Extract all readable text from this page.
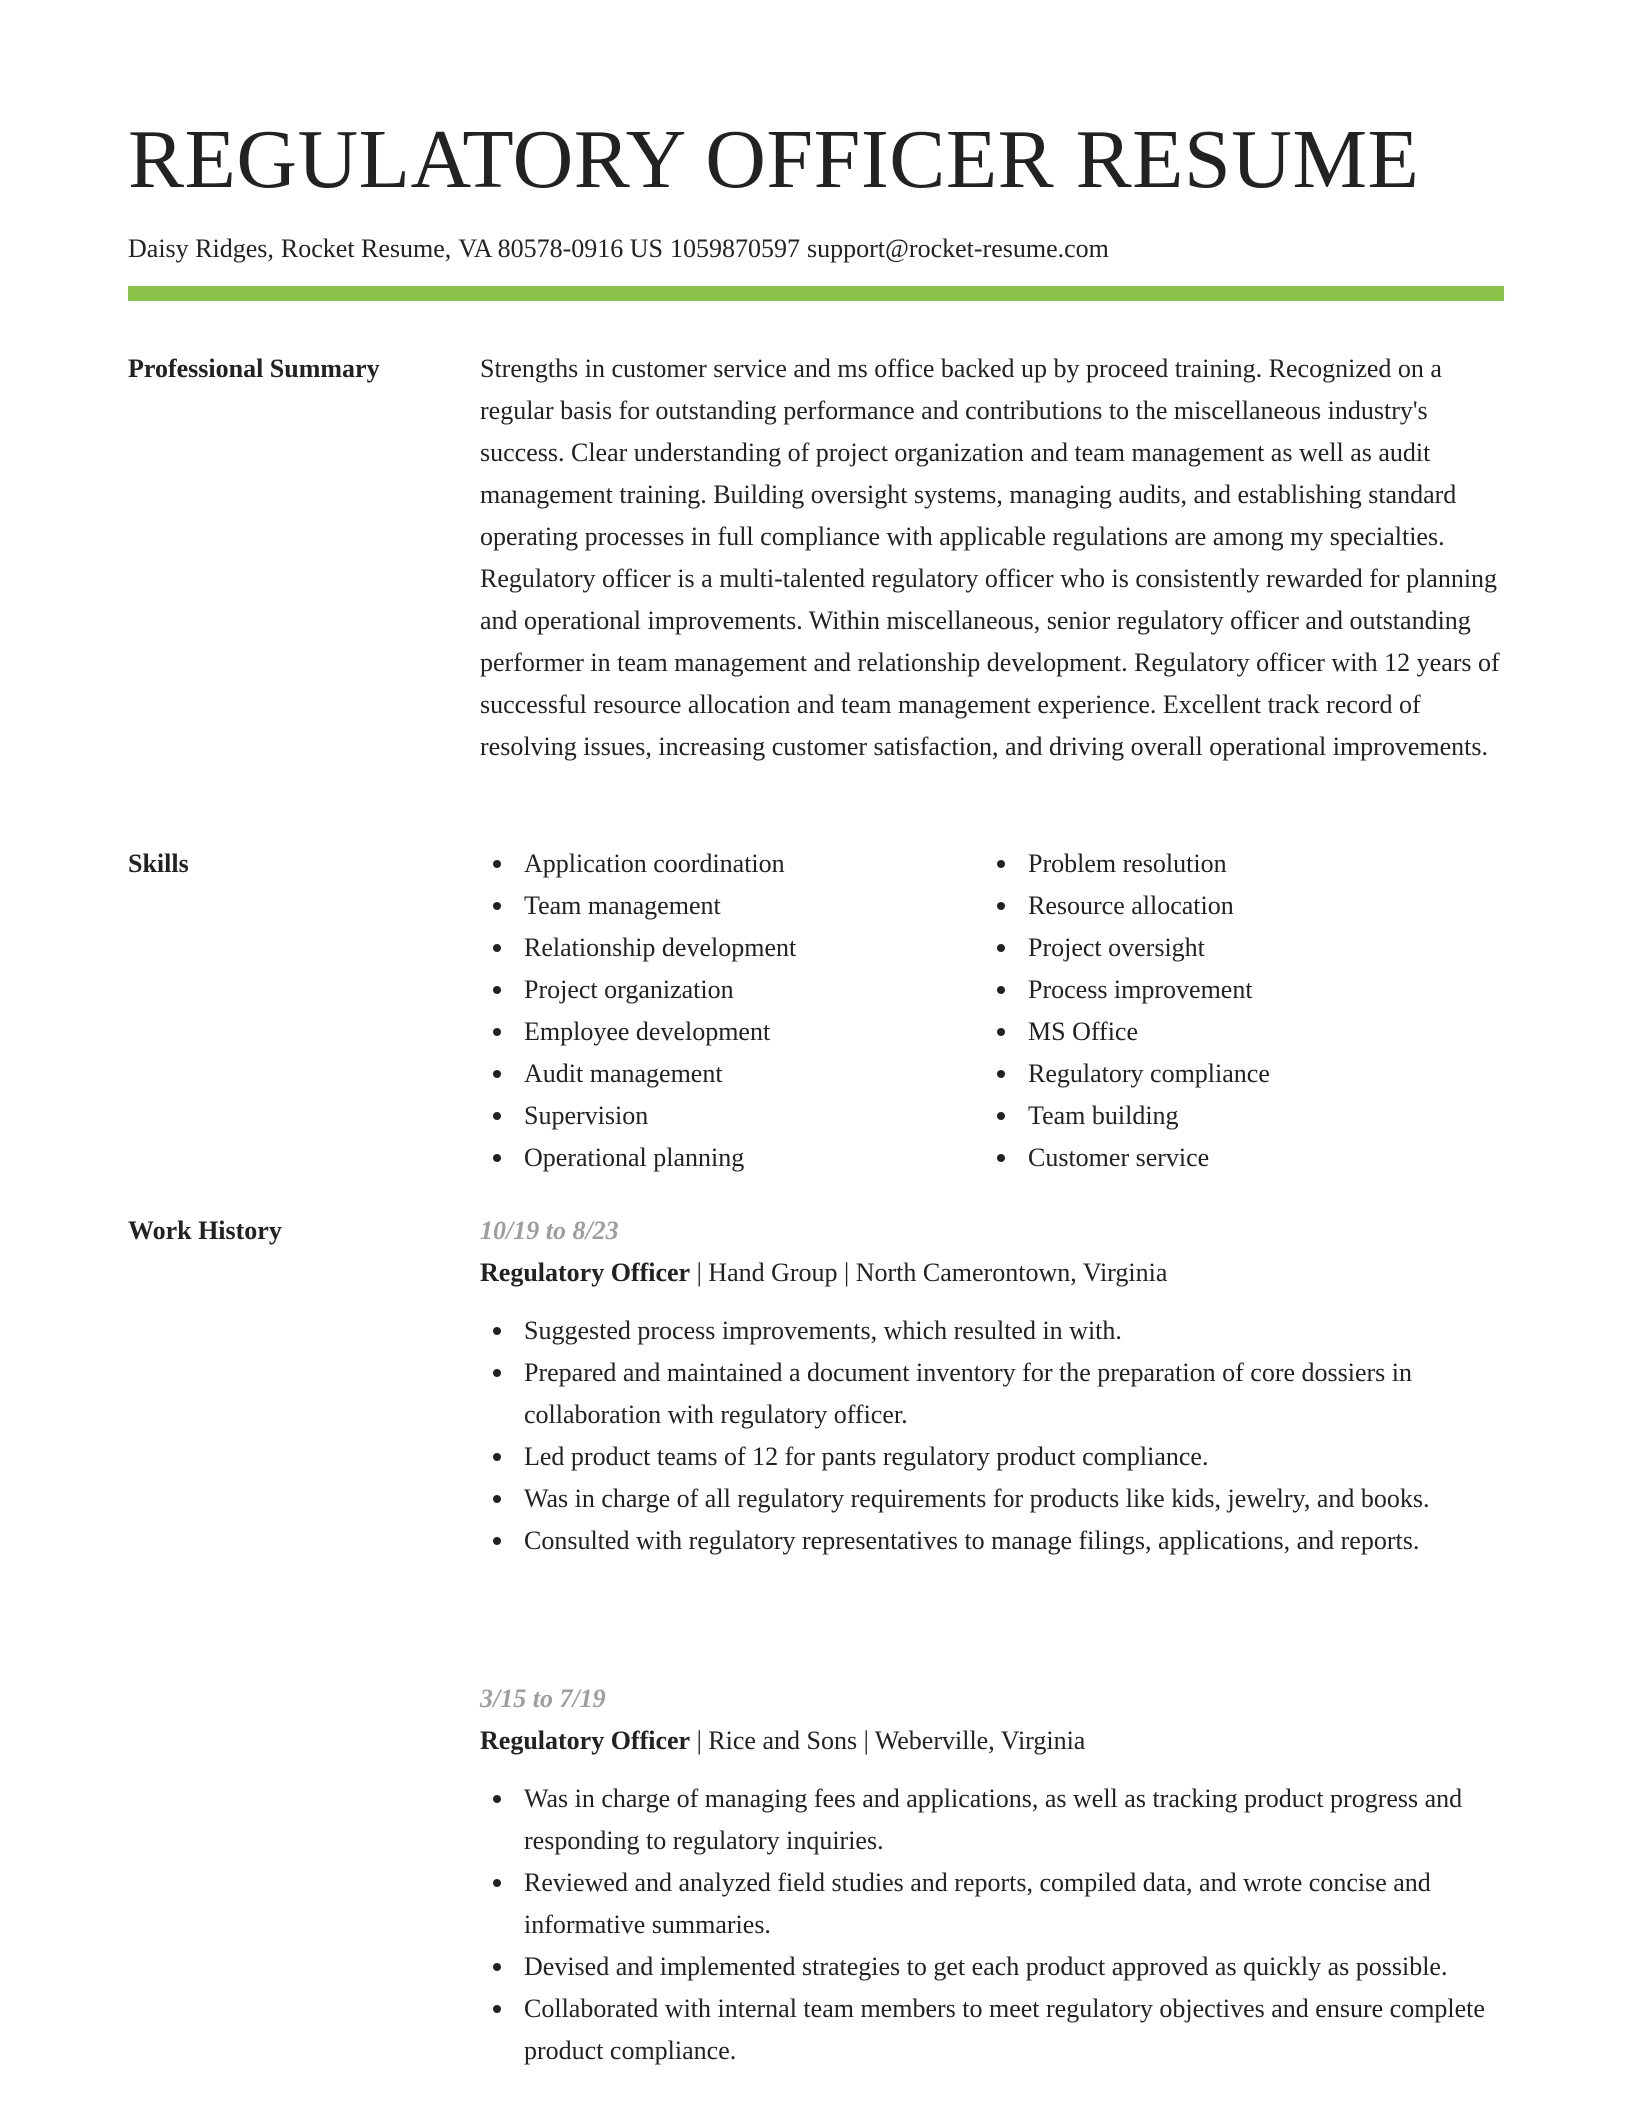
REGULATORY OFFICER RESUME
Daisy Ridges, Rocket Resume, VA 80578-0916 US 1059870597 support@rocket-resume.com
Professional Summary	Strengths in customer service and ms office backed up by proceed training. Recognized on a regular basis for outstanding performance and contributions to the miscellaneous industry's success. Clear understanding of project organization and team management as well as audit management training. Building oversight systems, managing audits, and establishing standard operating processes in full compliance with applicable regulations are among my specialties. Regulatory officer is a multi-talented regulatory officer who is consistently rewarded for planning and operational improvements. Within miscellaneous, senior regulatory officer and outstanding performer in team management and relationship development. Regulatory officer with 12 years of successful resource allocation and team management experience. Excellent track record of resolving issues, increasing customer satisfaction, and driving overall operational improvements.

Skills	Application coordination
Team management
Relationship development
Project organization
Employee development
Audit management
Supervision
Operational planning
Problem resolution
Resource allocation
Project oversight
Process improvement
MS Office
Regulatory compliance
Team building
Customer service
Work History	10/19 to 8/23
Regulatory Officer | Hand Group | North Camerontown, Virginia
Suggested process improvements, which resulted in with.
Prepared and maintained a document inventory for the preparation of core dossiers in collaboration with regulatory officer.
Led product teams of 12 for pants regulatory product compliance.
Was in charge of all regulatory requirements for products like kids, jewelry, and books.
Consulted with regulatory representatives to manage filings, applications, and reports.
3/15 to 7/19
Regulatory Officer | Rice and Sons | Weberville, Virginia
Was in charge of managing fees and applications, as well as tracking product progress and responding to regulatory inquiries.
Reviewed and analyzed field studies and reports, compiled data, and wrote concise and informative summaries.
Devised and implemented strategies to get each product approved as quickly as possible.
Collaborated with internal team members to meet regulatory objectives and ensure complete product compliance.
